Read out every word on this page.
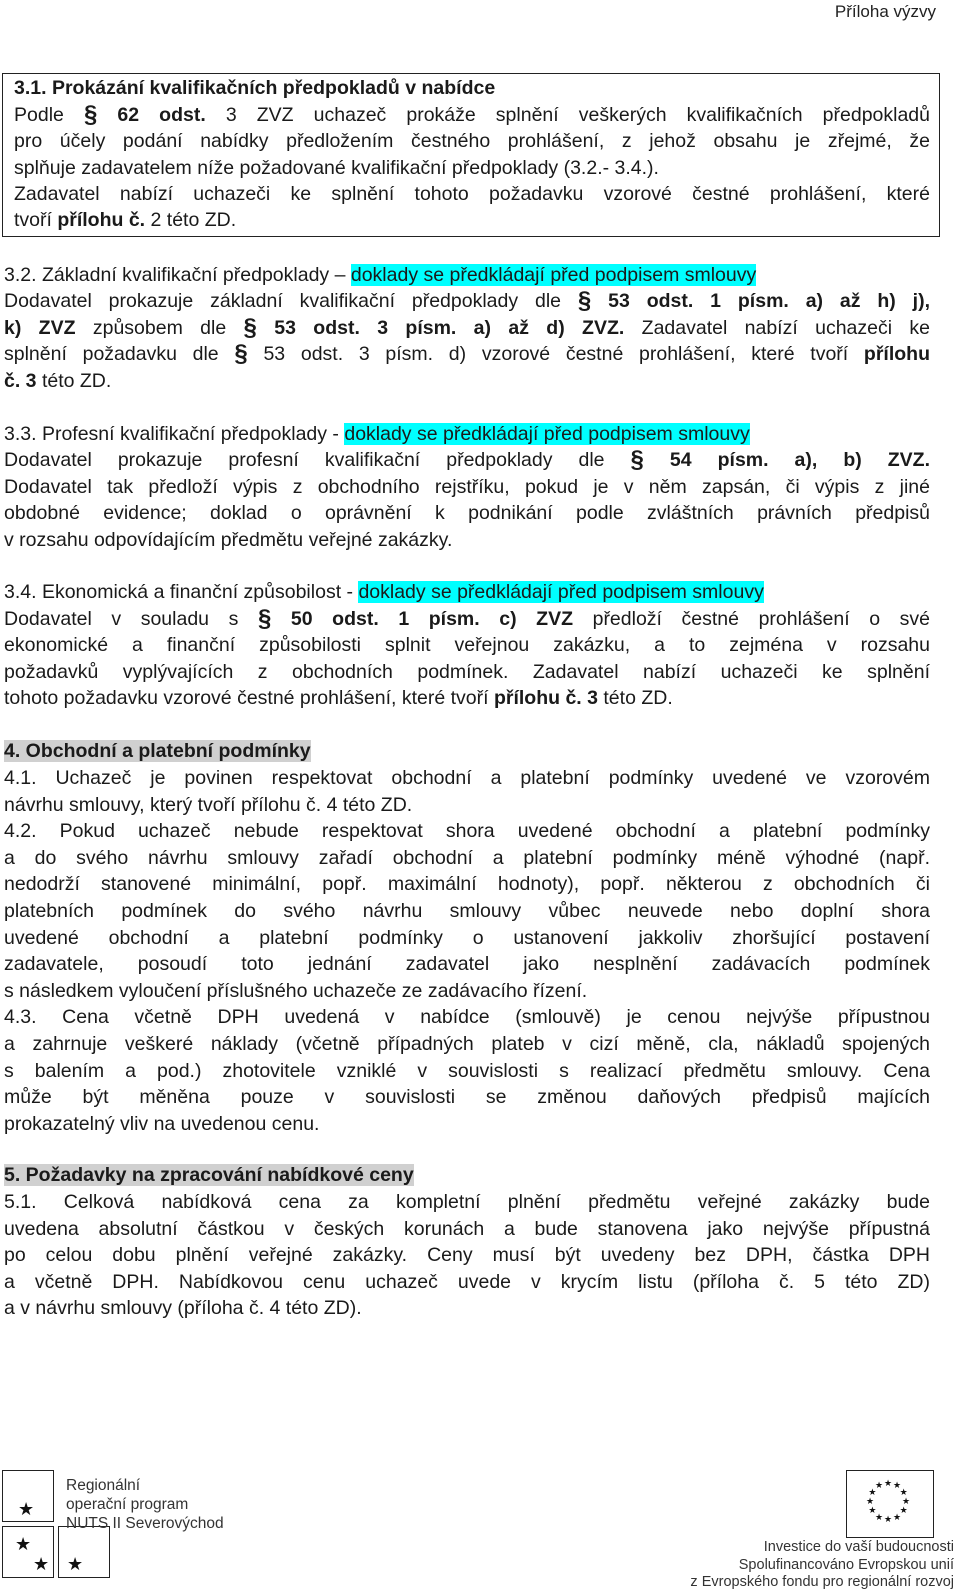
Příloha výzvy
3.1. Prokázání kvalifikačních předpokladů v nabídce
Podle § 62 odst. 3 ZVZ uchazeč prokáže splnění veškerých kvalifikačních předpokladů
pro účely podání nabídky předložením čestného prohlášení, z jehož obsahu je zřejmé, že
splňuje zadavatelem níže požadované kvalifikační předpoklady (3.2.- 3.4.).
Zadavatel nabízí uchazeči ke splnění tohoto požadavku vzorové čestné prohlášení, které
tvoří přílohu č. 2 této ZD.
3.2. Základní kvalifikační předpoklady – doklady se předkládají před podpisem smlouvy
Dodavatel prokazuje základní kvalifikační předpoklady dle § 53 odst. 1 písm. a) až h) j),
k) ZVZ způsobem dle § 53 odst. 3 písm. a) až d) ZVZ. Zadavatel nabízí uchazeči ke
splnění požadavku dle § 53 odst. 3 písm. d) vzorové čestné prohlášení, které tvoří přílohu
č. 3 této ZD.
3.3. Profesní kvalifikační předpoklady - doklady se předkládají před podpisem smlouvy
Dodavatel prokazuje profesní kvalifikační předpoklady dle § 54 písm. a), b) ZVZ.
Dodavatel tak předloží výpis z obchodního rejstříku, pokud je v něm zapsán, či výpis z jiné
obdobné evidence; doklad o oprávnění k podnikání podle zvláštních právních předpisů
v rozsahu odpovídajícím předmětu veřejné zakázky.
3.4. Ekonomická a finanční způsobilost - doklady se předkládají před podpisem smlouvy
Dodavatel v souladu s § 50 odst. 1 písm. c) ZVZ předloží čestné prohlášení o své
ekonomické a finanční způsobilosti splnit veřejnou zakázku, a to zejména v rozsahu
požadavků vyplývajících z obchodních podmínek. Zadavatel nabízí uchazeči ke splnění
tohoto požadavku vzorové čestné prohlášení, které tvoří přílohu č. 3 této ZD.
4. Obchodní a platební podmínky
4.1. Uchazeč je povinen respektovat obchodní a platební podmínky uvedené ve vzorovém
návrhu smlouvy, který tvoří přílohu č. 4 této ZD.
4.2. Pokud uchazeč nebude respektovat shora uvedené obchodní a platební podmínky
a do svého návrhu smlouvy zařadí obchodní a platební podmínky méně výhodné (např.
nedodrží stanovené minimální, popř. maximální hodnoty), popř. některou z obchodních či
platebních podmínek do svého návrhu smlouvy vůbec neuvede nebo doplní shora
uvedené obchodní a platební podmínky o ustanovení jakkoliv zhoršující postavení
zadavatele, posoudí toto jednání zadavatel jako nesplnění zadávacích podmínek
s následkem vyloučení příslušného uchazeče ze zadávacího řízení.
4.3. Cena včetně DPH uvedená v nabídce (smlouvě) je cenou nejvýše přípustnou
a zahrnuje veškeré náklady (včetně případných plateb v cizí měně, cla, nákladů spojených
s balením a pod.) zhotovitele vzniklé v souvislosti s realizací předmětu smlouvy. Cena
může být měněna pouze v souvislosti se změnou daňových předpisů majících
prokazatelný vliv na uvedenou cenu.
5. Požadavky na zpracování nabídkové ceny
5.1. Celková nabídková cena za kompletní plnění předmětu veřejné zakázky bude
uvedena absolutní částkou v českých korunách a bude stanovena jako nejvýše přípustná
po celou dobu plnění veřejné zakázky. Ceny musí být uvedeny bez DPH, částka DPH
a včetně DPH. Nabídkovou cenu uchazeč uvede v krycím listu (příloha č. 5 této ZD)
a v návrhu smlouvy (příloha č. 4 této ZD).
★
★
★ ★
Regionální
operační program
NUTS II Severovýchod
★ ★
★
★
★
★
★
★
★
★
★
★
Investice do vaší budoucnosti
Spolufinancováno Evropskou unií
z Evropského fondu pro regionální rozvoj
